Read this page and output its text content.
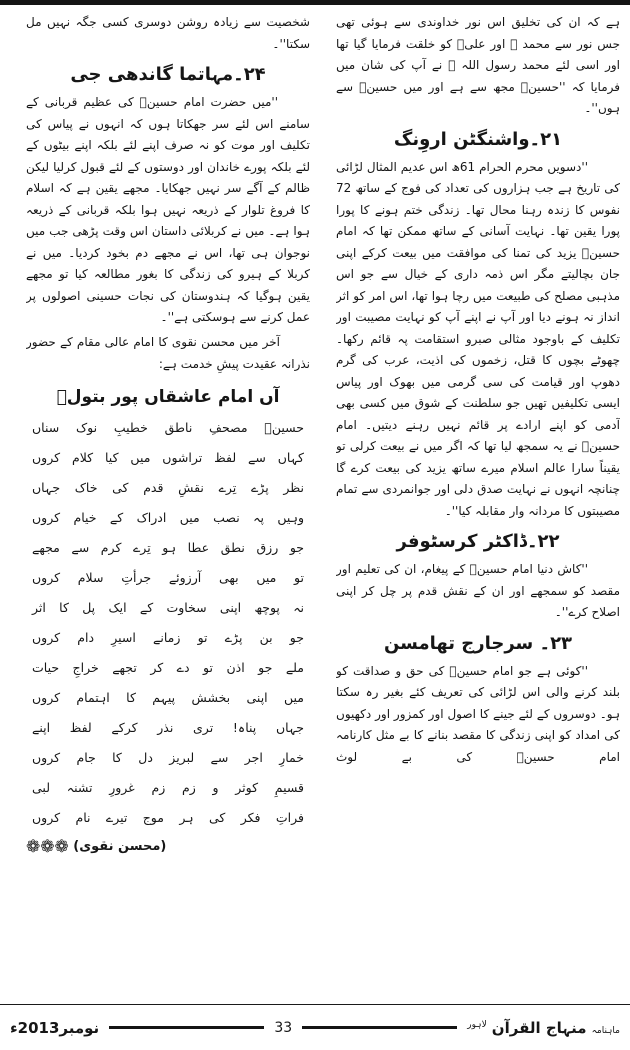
ہے کہ ان کی تخلیق اس نور خداوندی سے ہوئی تھی جس نور سے محمد ﷺ اور علیؓ کو خلقت فرمایا گیا تھا اور اسی لئے محمد رسول اللہ ﷺ نے آپ کی شان میں فرمایا کہ ''حسینؑ مجھ سے ہے اور میں حسینؑ سے ہوں''۔

۲۱۔واشنگٹن اروِنگ

''دسویں محرم الحرام 61ھ اس عدیم المثال لڑائی کی تاریخ ہے جب ہزاروں کی تعداد کی فوج کے ساتھ 72 نفوس کا زندہ رہنا محال تھا۔ زندگی ختم ہونے کا پورا پورا یقین تھا۔ نہایت آسانی کے ساتھ ممکن تھا کہ امام حسینؑ یزید کی تمنا کی موافقت میں بیعت کرکے اپنی جان بچالیتے مگر اس ذمہ داری کے خیال سے جو اس مذہبی مصلح کی طبیعت میں رچا ہوا تھا، اس امر کو اثر انداز نہ ہونے دیا اور آپ نے اپنے آپ کو نہایت مصیبت اور تکلیف کے باوجود مثالی صبرو استقامت پہ قائم رکھا۔ چھوٹے بچوں کا قتل، زخموں کی اذیت، عرب کی گرم دھوپ اور قیامت کی سی گرمی میں بھوک اور پیاس ایسی تکلیفیں تھیں جو سلطنت کے شوق میں کسی بھی آدمی کو اپنے ارادے پر قائم نہیں رہنے دیتیں۔ امام حسینؑ نے یہ سمجھ لیا تھا کہ اگر میں نے بیعت کرلی تو یقیناً سارا عالم اسلام میرے ساتھ یزید کی بیعت کرے گا چنانچہ انہوں نے نہایت صدق دلی اور جوانمردی سے تمام مصیبتوں کا مردانہ وار مقابلہ کیا''۔

۲۲۔ڈاکٹر کرسٹوفر

''کاش دنیا امام حسینؑ کے پیغام، ان کی تعلیم اور مقصد کو سمجھے اور ان کے نقش قدم پر چل کر اپنی اصلاح کرے''۔

۲۳۔ سرجارج تھامسن

''کوئی ہے جو امام حسینؑ کی حق و صداقت کو بلند کرنے والی اس لڑائی کی تعریف کئے بغیر رہ سکتا ہو۔ دوسروں کے لئے جینے کا اصول اور کمزور اور دکھیوں کی امداد کو اپنی زندگی کا مقصد بنانے کا بے مثل کارنامہ امام حسینؑ کی بے لوث

شخصیت سے زیادہ روشن دوسری کسی جگہ نہیں مل سکتا''۔

۲۴۔مہاتما گاندھی جی

''میں حضرت امام حسینؑ کی عظیم قربانی کے سامنے اس لئے سر جھکاتا ہوں کہ انہوں نے پیاس کی تکلیف اور موت کو نہ صرف اپنے لئے بلکہ اپنے بیٹوں کے لئے بلکہ پورے خاندان اور دوستوں کے لئے قبول کرلیا لیکن ظالم کے آگے سر نہیں جھکایا۔ مجھے یقین ہے کہ اسلام کا فروغ تلوار کے ذریعہ نہیں ہوا بلکہ قربانی کے ذریعہ ہوا ہے۔ میں نے کربلائی داستان اس وقت پڑھی جب میں نوجوان ہی تھا، اس نے مجھے دم بخود کردیا۔ میں نے کربلا کے ہیرو کی زندگی کا بغور مطالعہ کیا تو مجھے یقین ہوگیا کہ ہندوستان کی نجات حسینی اصولوں پر عمل کرنے سے ہوسکتی ہے''۔

آخر میں محسن نقوی کا امام عالی مقام کے حضور نذرانہ عقیدت پیشِ خدمت ہے:

آں امام عاشقاں پور بتولؑ
حسینؑ مصحفِ ناطق خطیبِ نوک سناں
کہاں سے لفظ تراشوں میں کیا کلام کروں
نظر پڑے تِرے نقشِ قدم کی خاک جہاں
وہیں پہ نصب میں ادراک کے خیام کروں
جو رزق نطق عطا ہو تِرے کرم سے مجھے
تو میں بھی آرزوئے جرأتِ سلام کروں
نہ پوچھ اپنی سخاوت کے ایک پل کا اثر
جو بن پڑے تو زمانے اسیرِ دام کروں
ملے جو اذن تو دے کر تجھے خراجِ حیات
میں اپنی بخشش پیہم کا اہتمام کروں
جہاں پناہ! تری نذر کرکے لفظ اپنے
خمارِ اجر سے لبریز دل کا جام کروں
قسیمِ کوثر و زم زم غرورِ تشنہ لبی
فراتِ فکر کی ہر موج تیرے نام کروں

(محسن نقوی) ❁❁❁

ماہنامہ منہاج القرآن $^{لاہور}$
33
نومبر2013ء
